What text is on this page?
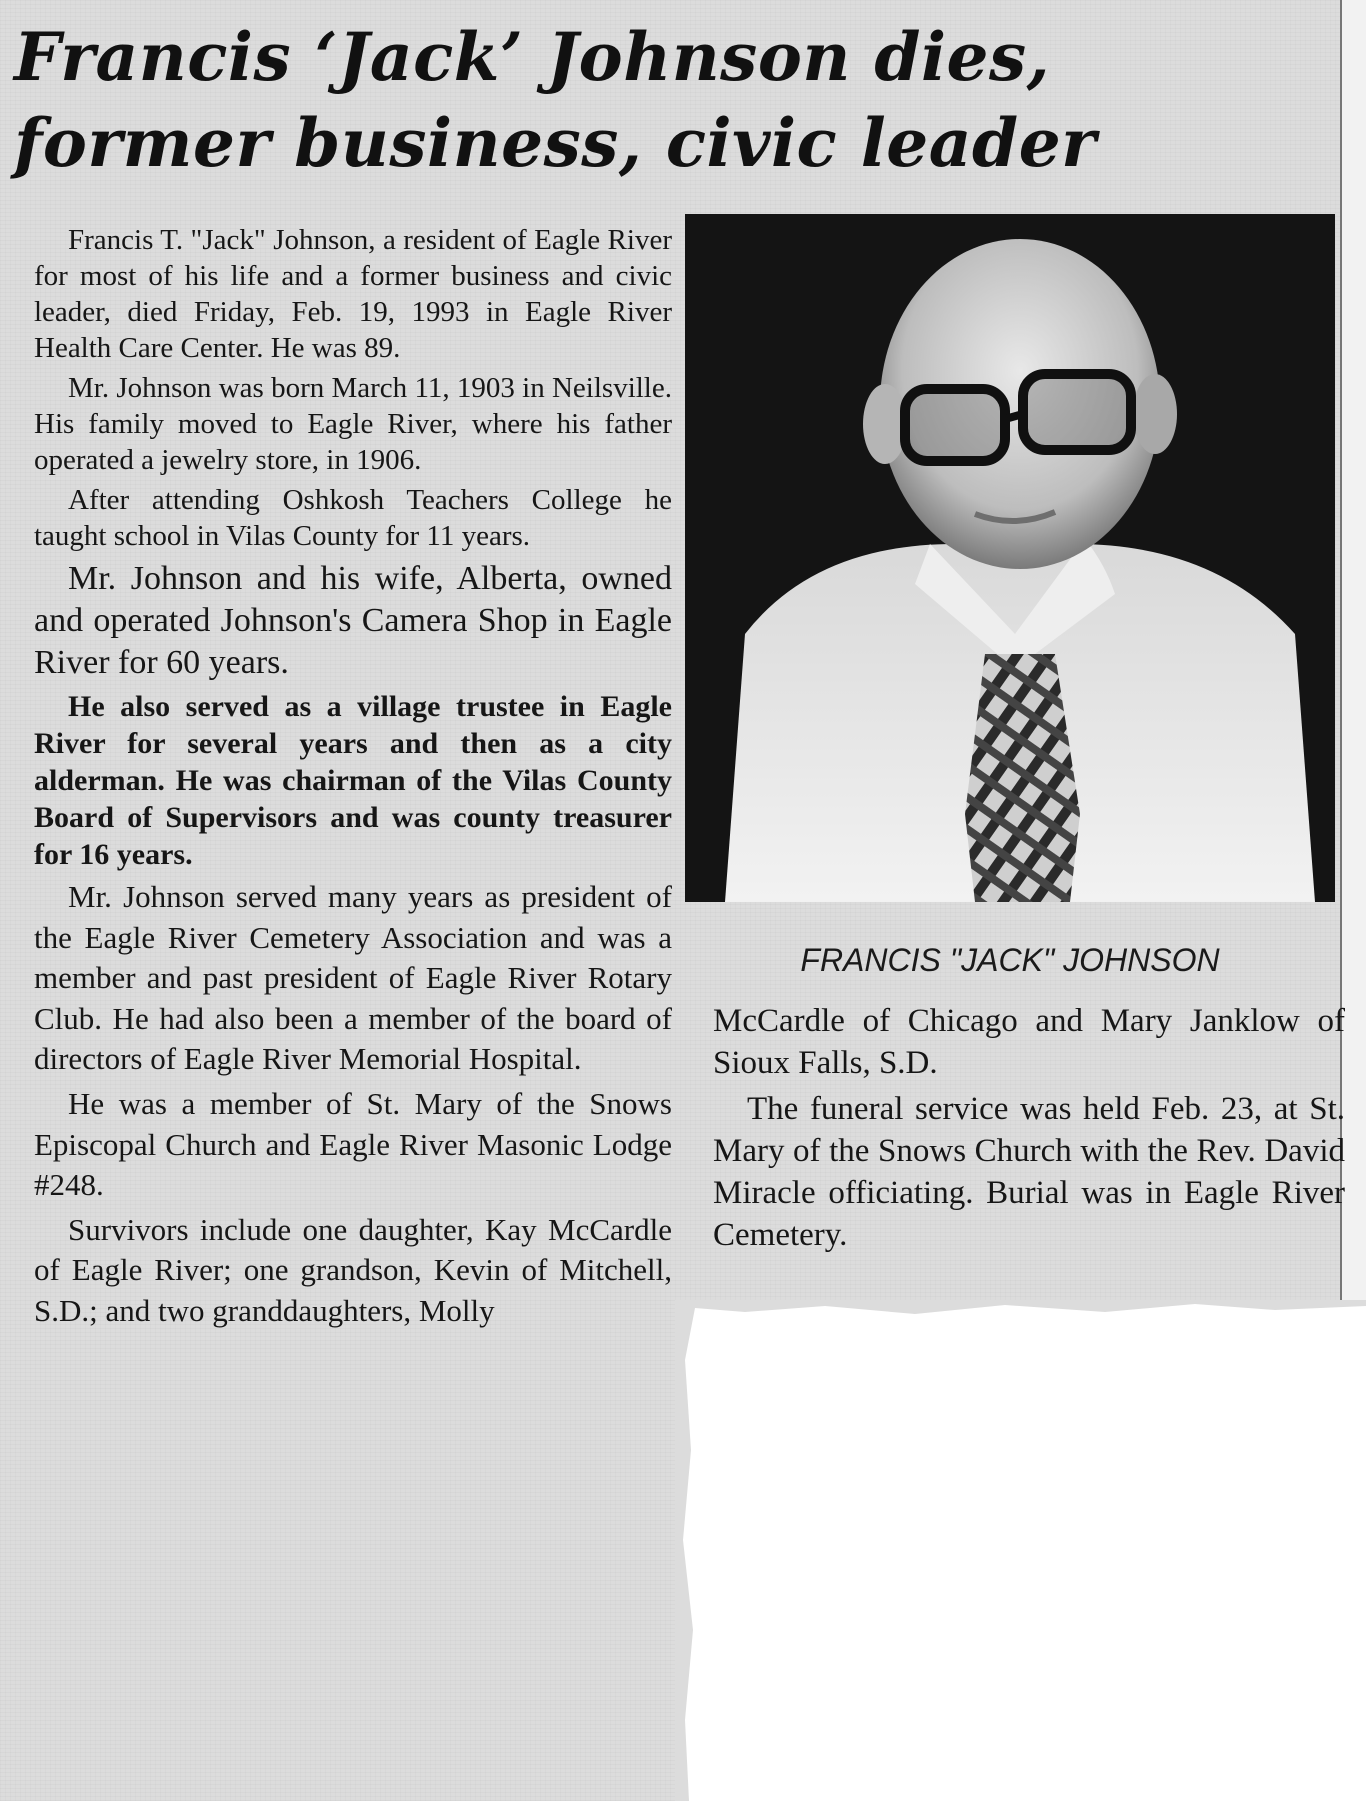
Francis ‘Jack’ Johnson dies,
former business, civic leader

Francis T. "Jack" Johnson, a resident of Eagle River for most of his life and a former business and civic leader, died Friday, Feb. 19, 1993 in Eagle River Health Care Center. He was 89.

Mr. Johnson was born March 11, 1903 in Neilsville. His family moved to Eagle River, where his father operated a jewelry store, in 1906.

After attending Oshkosh Teachers College he taught school in Vilas County for 11 years.

Mr. Johnson and his wife, Alberta, owned and operated Johnson's Camera Shop in Eagle River for 60 years.

He also served as a village trustee in Eagle River for several years and then as a city alderman. He was chairman of the Vilas County Board of Supervisors and was county treasurer for 16 years.

Mr. Johnson served many years as president of the Eagle River Cemetery Association and was a member and past president of Eagle River Rotary Club. He had also been a member of the board of directors of Eagle River Memorial Hospital.

He was a member of St. Mary of the Snows Episcopal Church and Eagle River Masonic Lodge #248.

Survivors include one daughter, Kay McCardle of Eagle River; one grandson, Kevin of Mitchell, S.D.; and two granddaughters, Molly

FRANCIS "JACK" JOHNSON

McCardle of Chicago and Mary Janklow of Sioux Falls, S.D.

The funeral service was held Feb. 23, at St. Mary of the Snows Church with the Rev. David Miracle officiating. Burial was in Eagle River Cemetery.
